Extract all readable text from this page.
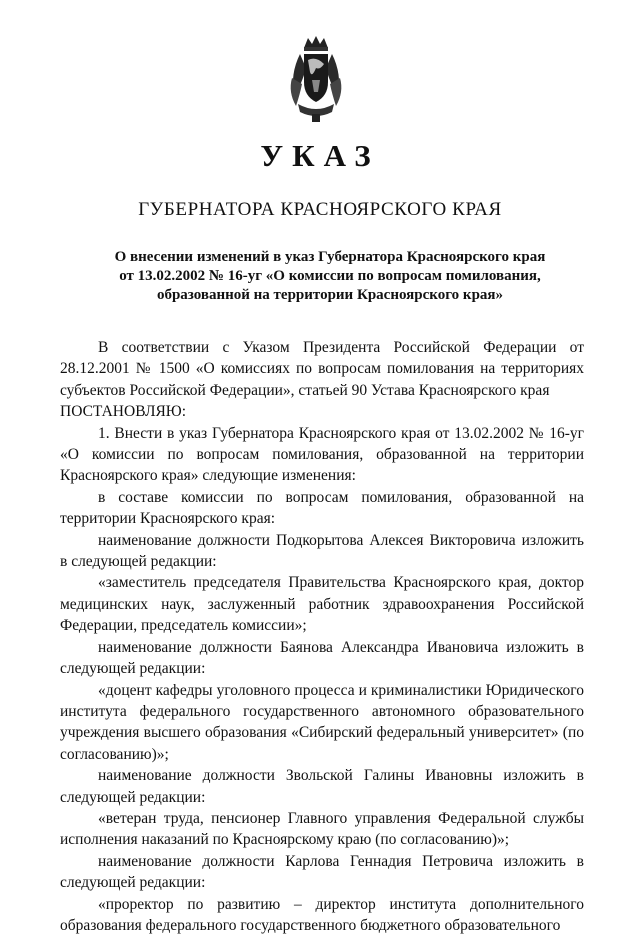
УКАЗ
ГУБЕРНАТОРА КРАСНОЯРСКОГО КРАЯ
О внесении изменений в указ Губернатора Красноярского края
от 13.02.2002 № 16-уг «О комиссии по вопросам помилования,
образованной на территории Красноярского края»

В соответствии с Указом Президента Российской Федерации от 28.12.2001 № 1500 «О комиссиях по вопросам помилования на территориях субъектов Российской Федерации», статьей 90 Устава Красноярского края

ПОСТАНОВЛЯЮ:

1. Внести в указ Губернатора Красноярского края от 13.02.2002 № 16-уг «О комиссии по вопросам помилования, образованной на территории Красноярского края» следующие изменения:

в составе комиссии по вопросам помилования, образованной на территории Красноярского края:

наименование должности Подкорытова Алексея Викторовича изложить в следующей редакции:

«заместитель председателя Правительства Красноярского края, доктор медицинских наук, заслуженный работник здравоохранения Российской Федерации, председатель комиссии»;

наименование должности Баянова Александра Ивановича изложить в следующей редакции:

«доцент кафедры уголовного процесса и криминалистики Юридического института федерального государственного автономного образовательного учреждения высшего образования «Сибирский федеральный университет» (по согласованию)»;

наименование должности Звольской Галины Ивановны изложить в следующей редакции:

«ветеран труда, пенсионер Главного управления Федеральной службы исполнения наказаний по Красноярскому краю (по согласованию)»;

наименование должности Карлова Геннадия Петровича изложить в следующей редакции:

«проректор по развитию – директор института дополнительного образования федерального государственного бюджетного образовательного
